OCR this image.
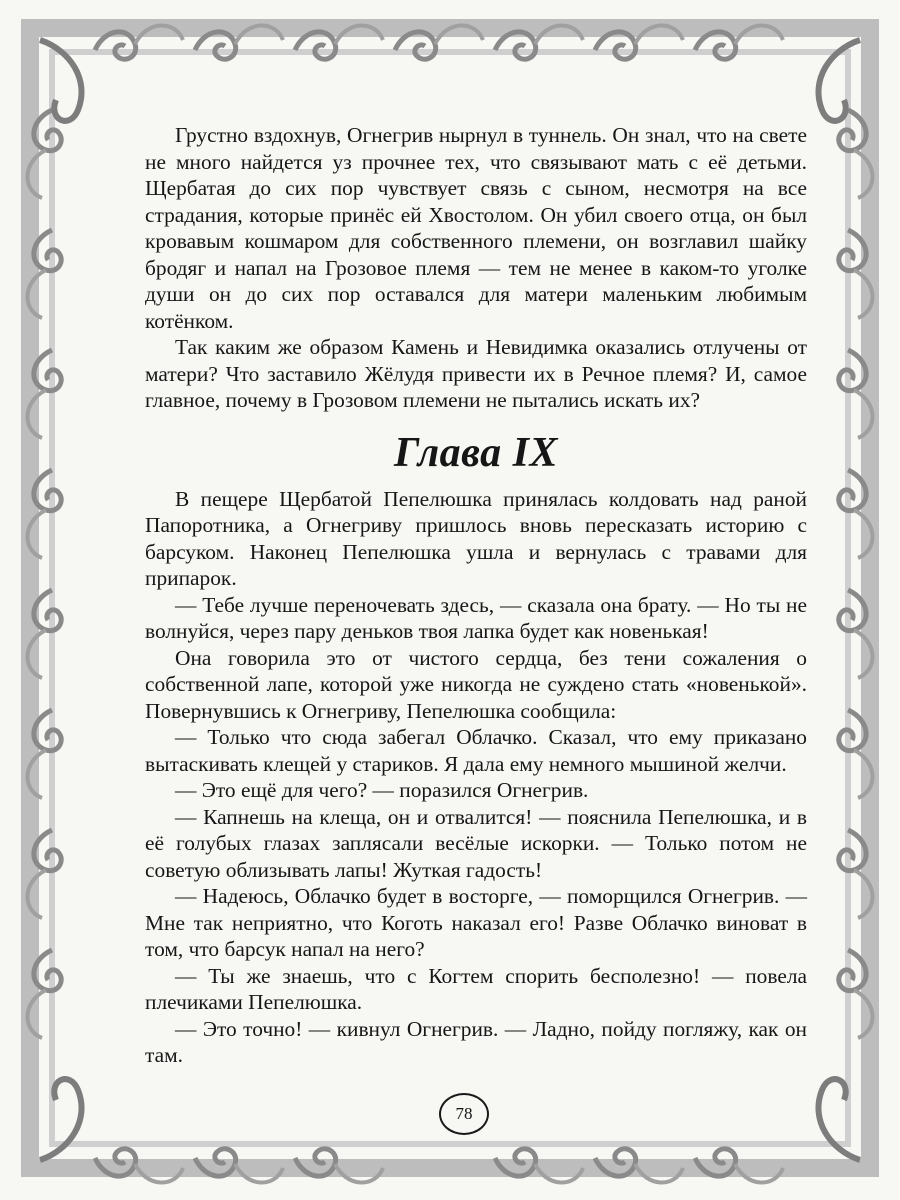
Грустно вздохнув, Огнегрив нырнул в туннель. Он знал, что на свете не много найдется уз прочнее тех, что связывают мать с её детьми. Щербатая до сих пор чувствует связь с сыном, несмотря на все страдания, которые принёс ей Хвостолом. Он убил своего отца, он был кровавым кошмаром для собственного племени, он возглавил шайку бродяг и напал на Грозовое племя — тем не менее в каком-то уголке души он до сих пор оставался для матери маленьким любимым котёнком.

Так каким же образом Камень и Невидимка оказались отлучены от матери? Что заставило Жёлудя привести их в Речное племя? И, самое главное, почему в Грозовом племени не пытались искать их?

Глава IX

В пещере Щербатой Пепелюшка принялась колдовать над раной Папоротника, а Огнегриву пришлось вновь пересказать историю с барсуком. Наконец Пепелюшка ушла и вернулась с травами для припарок.

— Тебе лучше переночевать здесь, — сказала она брату. — Но ты не волнуйся, через пару деньков твоя лапка будет как новенькая!

Она говорила это от чистого сердца, без тени сожаления о собственной лапе, которой уже никогда не суждено стать «новенькой». Повернувшись к Огнегриву, Пепелюшка сообщила:

— Только что сюда забегал Облачко. Сказал, что ему приказано вытаскивать клещей у стариков. Я дала ему немного мышиной желчи.

— Это ещё для чего? — поразился Огнегрив.

— Капнешь на клеща, он и отвалится! — пояснила Пепелюшка, и в её голубых глазах заплясали весёлые искорки. — Только потом не советую облизывать лапы! Жуткая гадость!

— Надеюсь, Облачко будет в восторге, — поморщился Огнегрив. — Мне так неприятно, что Коготь наказал его! Разве Облачко виноват в том, что барсук напал на него?

— Ты же знаешь, что с Когтем спорить бесполезно! — повела плечиками Пепелюшка.

— Это точно! — кивнул Огнегрив. — Ладно, пойду погляжу, как он там.

78
